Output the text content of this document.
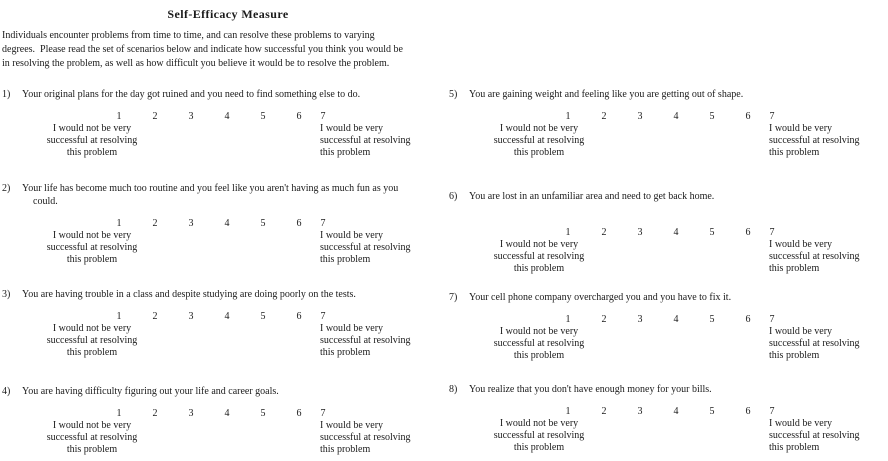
Self-Efficacy Measure
Individuals encounter problems from time to time, and can resolve these problems to varying
degrees.  Please read the set of scenarios below and indicate how successful you think you would be
in resolving the problem, as well as how difficult you believe it would be to resolve the problem.
1) Your original plans for the day got ruined and you need to find something else to do.
1	2	3	4	5	6	7
I would not be very
successful at resolving
this problem
I would be very
successful at resolving
this problem
2) Your life has become much too routine and you feel like you aren't having as much fun as you
could.
1	2	3	4	5	6	7
I would not be very
successful at resolving
this problem
I would be very
successful at resolving
this problem
3) You are having trouble in a class and despite studying are doing poorly on the tests.
1	2	3	4	5	6	7
I would not be very
successful at resolving
this problem
I would be very
successful at resolving
this problem
4) You are having difficulty figuring out your life and career goals.
1	2	3	4	5	6	7
I would not be very
successful at resolving
this problem
I would be very
successful at resolving
this problem
5) You are gaining weight and feeling like you are getting out of shape.
1	2	3	4	5	6	7
I would not be very
successful at resolving
this problem
I would be very
successful at resolving
this problem
6) You are lost in an unfamiliar area and need to get back home.
1	2	3	4	5	6	7
I would not be very
successful at resolving
this problem
I would be very
successful at resolving
this problem
7) Your cell phone company overcharged you and you have to fix it.
1	2	3	4	5	6	7
I would not be very
successful at resolving
this problem
I would be very
successful at resolving
this problem
8) You realize that you don't have enough money for your bills.
1	2	3	4	5	6	7
I would not be very
successful at resolving
this problem
I would be very
successful at resolving
this problem
